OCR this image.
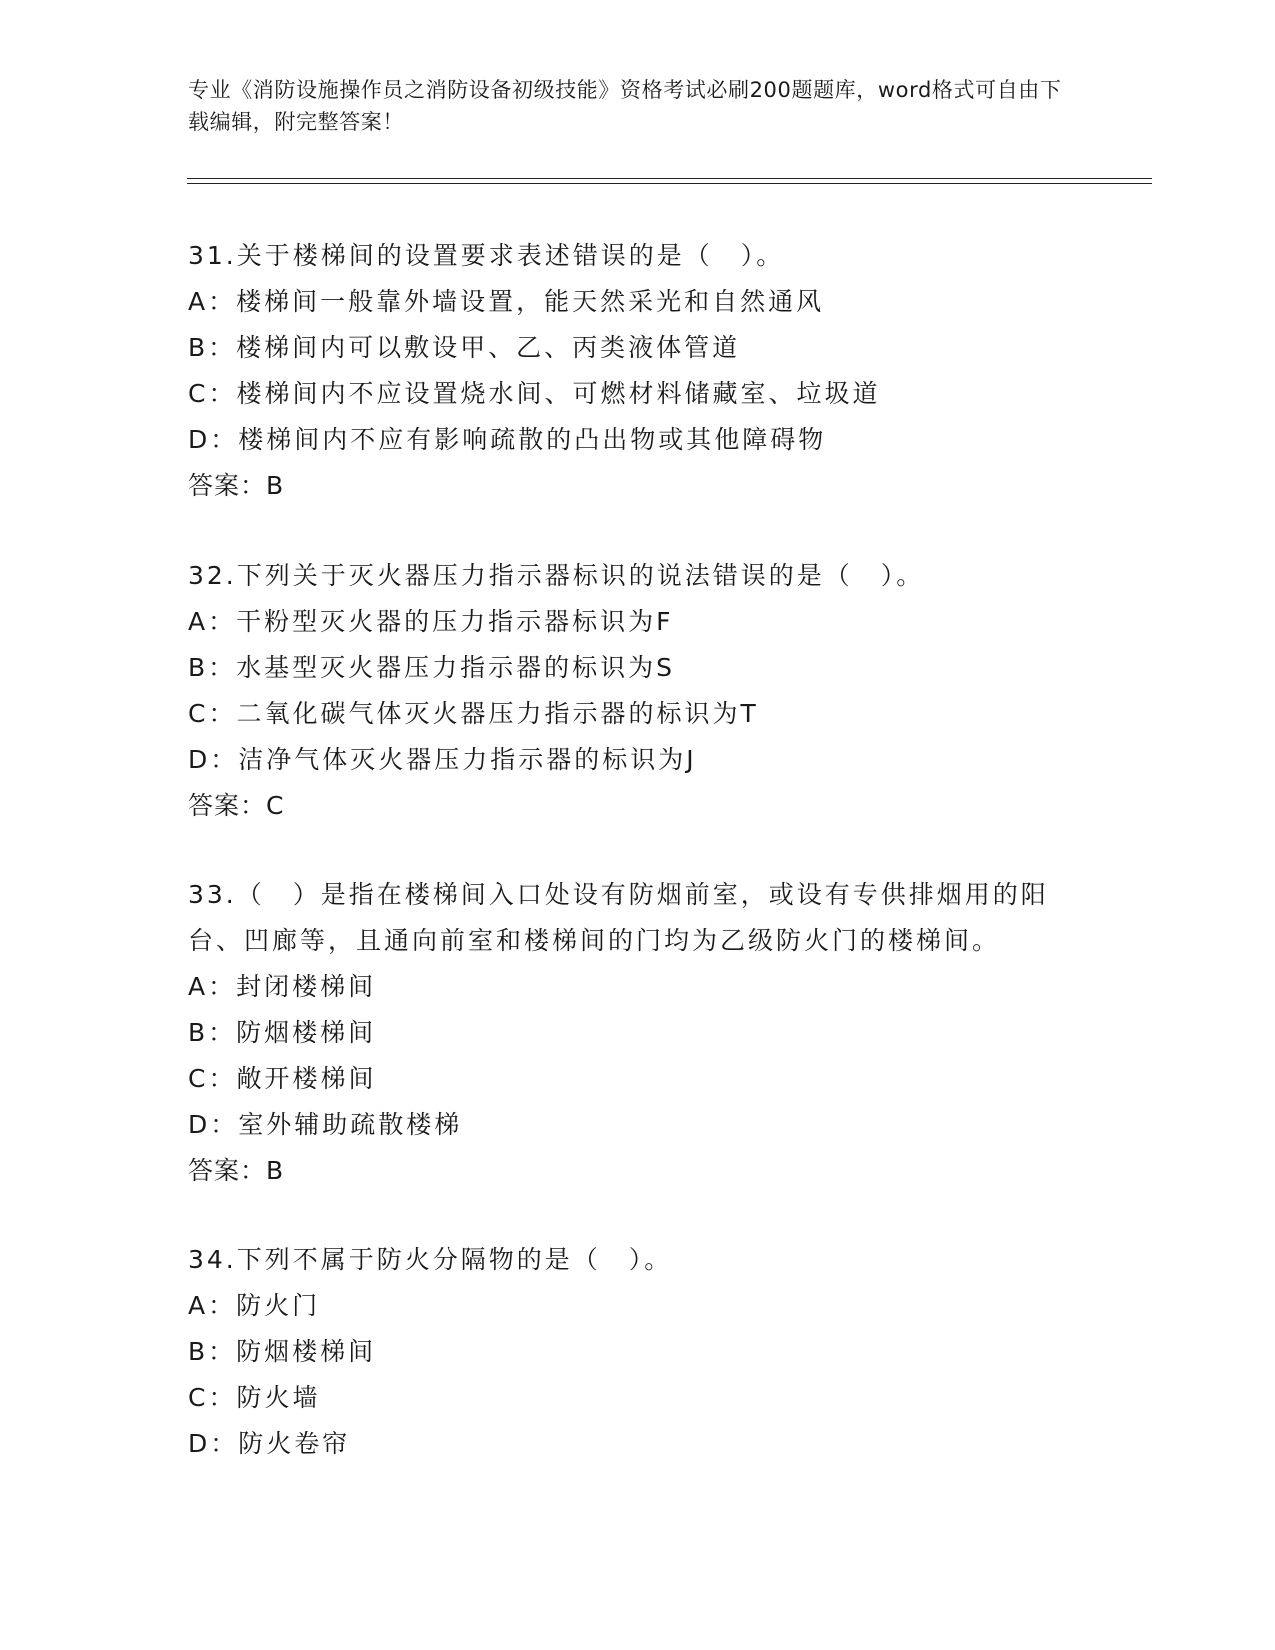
专业《消防设施操作员之消防设备初级技能》资格考试必刷200题题库，word格式可自由下载编辑，附完整答案！
31.关于楼梯间的设置要求表述错误的是（　）。
A：楼梯间一般靠外墙设置，能天然采光和自然通风
B：楼梯间内可以敷设甲、乙、丙类液体管道
C：楼梯间内不应设置烧水间、可燃材料储藏室、垃圾道
D：楼梯间内不应有影响疏散的凸出物或其他障碍物
答案：B
32.下列关于灭火器压力指示器标识的说法错误的是（　）。
A：干粉型灭火器的压力指示器标识为F
B：水基型灭火器压力指示器的标识为S
C：二氧化碳气体灭火器压力指示器的标识为T
D：洁净气体灭火器压力指示器的标识为J
答案：C
33.（　）是指在楼梯间入口处设有防烟前室，或设有专供排烟用的阳
台、凹廊等，且通向前室和楼梯间的门均为乙级防火门的楼梯间。
A：封闭楼梯间
B：防烟楼梯间
C：敞开楼梯间
D：室外辅助疏散楼梯
答案：B
34.下列不属于防火分隔物的是（　）。
A：防火门
B：防烟楼梯间
C：防火墙
D：防火卷帘
